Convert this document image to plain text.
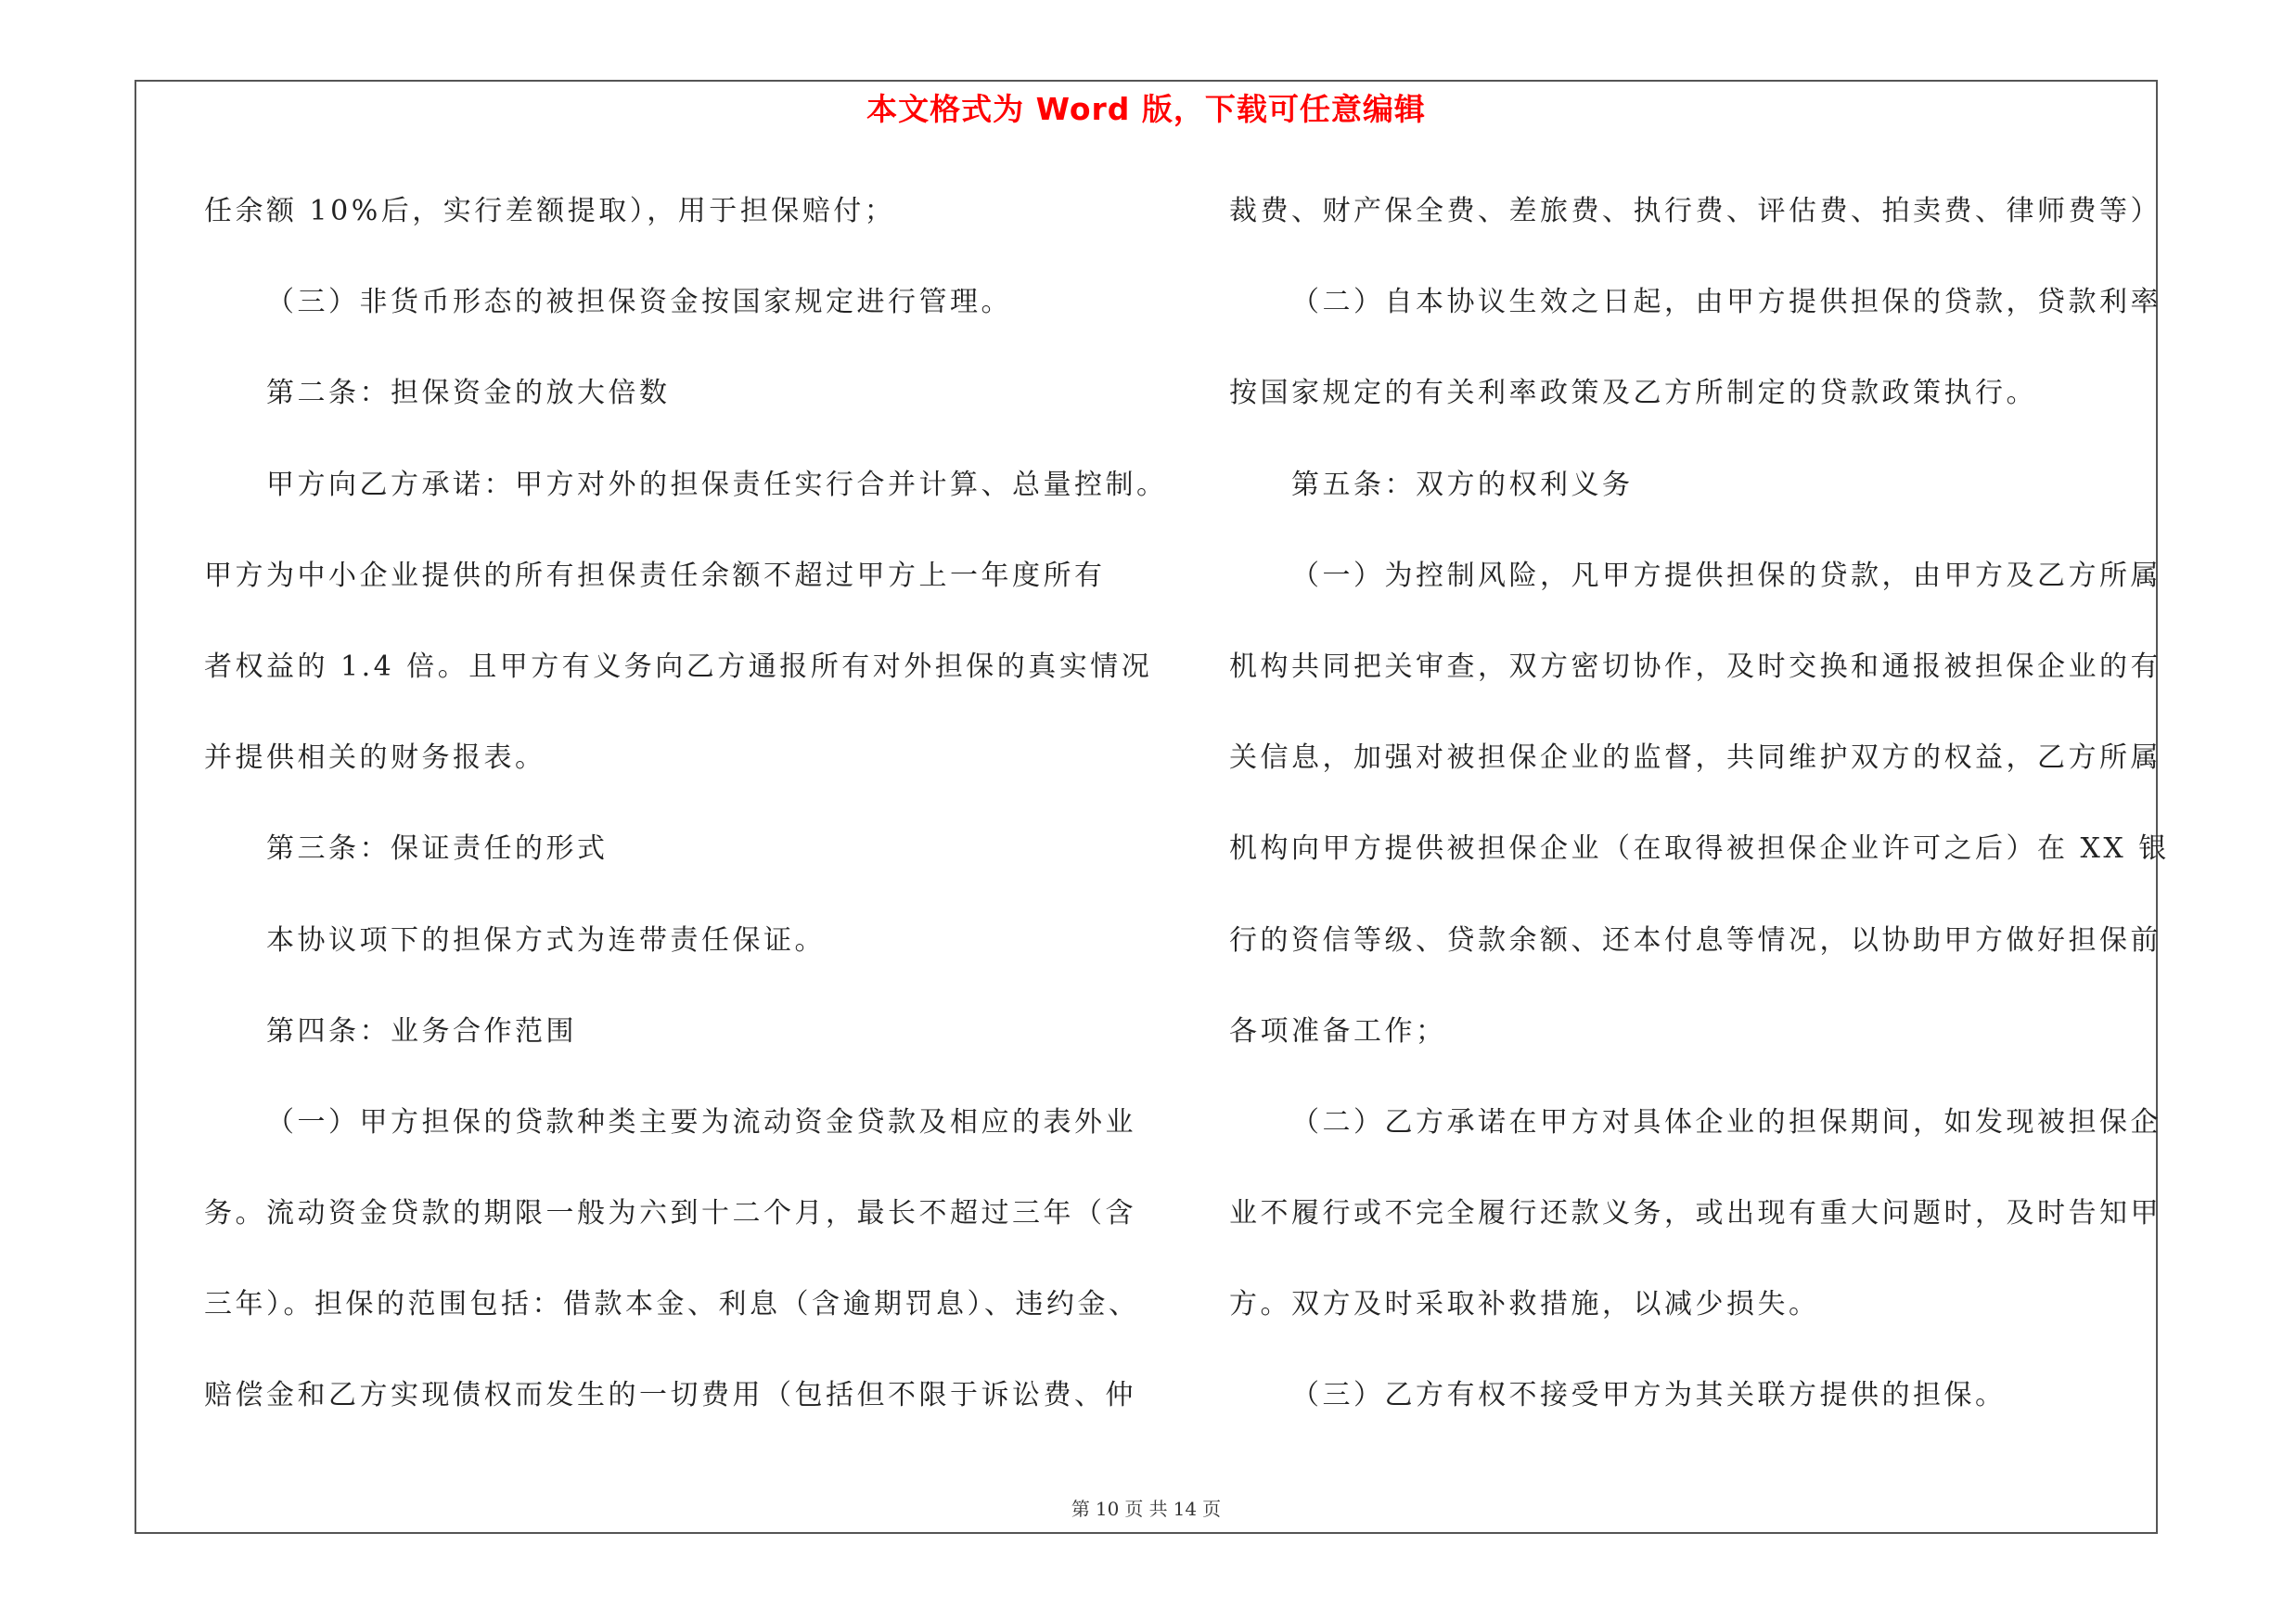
本文格式为 Word 版，下载可任意编辑
任余额 10%后，实行差额提取），用于担保赔付；
（三）非货币形态的被担保资金按国家规定进行管理。
第二条：担保资金的放大倍数
甲方向乙方承诺：甲方对外的担保责任实行合并计算、总量控制。
甲方为中小企业提供的所有担保责任余额不超过甲方上一年度所有
者权益的 1.4 倍。且甲方有义务向乙方通报所有对外担保的真实情况
并提供相关的财务报表。
第三条：保证责任的形式
本协议项下的担保方式为连带责任保证。
第四条：业务合作范围
（一）甲方担保的贷款种类主要为流动资金贷款及相应的表外业
务。流动资金贷款的期限一般为六到十二个月，最长不超过三年（含
三年）。担保的范围包括：借款本金、利息（含逾期罚息）、违约金、
赔偿金和乙方实现债权而发生的一切费用（包括但不限于诉讼费、仲
裁费、财产保全费、差旅费、执行费、评估费、拍卖费、律师费等）
（二）自本协议生效之日起，由甲方提供担保的贷款，贷款利率
按国家规定的有关利率政策及乙方所制定的贷款政策执行。
第五条：双方的权利义务
（一）为控制风险，凡甲方提供担保的贷款，由甲方及乙方所属
机构共同把关审查，双方密切协作，及时交换和通报被担保企业的有
关信息，加强对被担保企业的监督，共同维护双方的权益，乙方所属
机构向甲方提供被担保企业（在取得被担保企业许可之后）在 XX 银
行的资信等级、贷款余额、还本付息等情况，以协助甲方做好担保前
各项准备工作；
（二）乙方承诺在甲方对具体企业的担保期间，如发现被担保企
业不履行或不完全履行还款义务，或出现有重大问题时，及时告知甲
方。双方及时采取补救措施，以减少损失。
（三）乙方有权不接受甲方为其关联方提供的担保。
第 10 页 共 14 页
